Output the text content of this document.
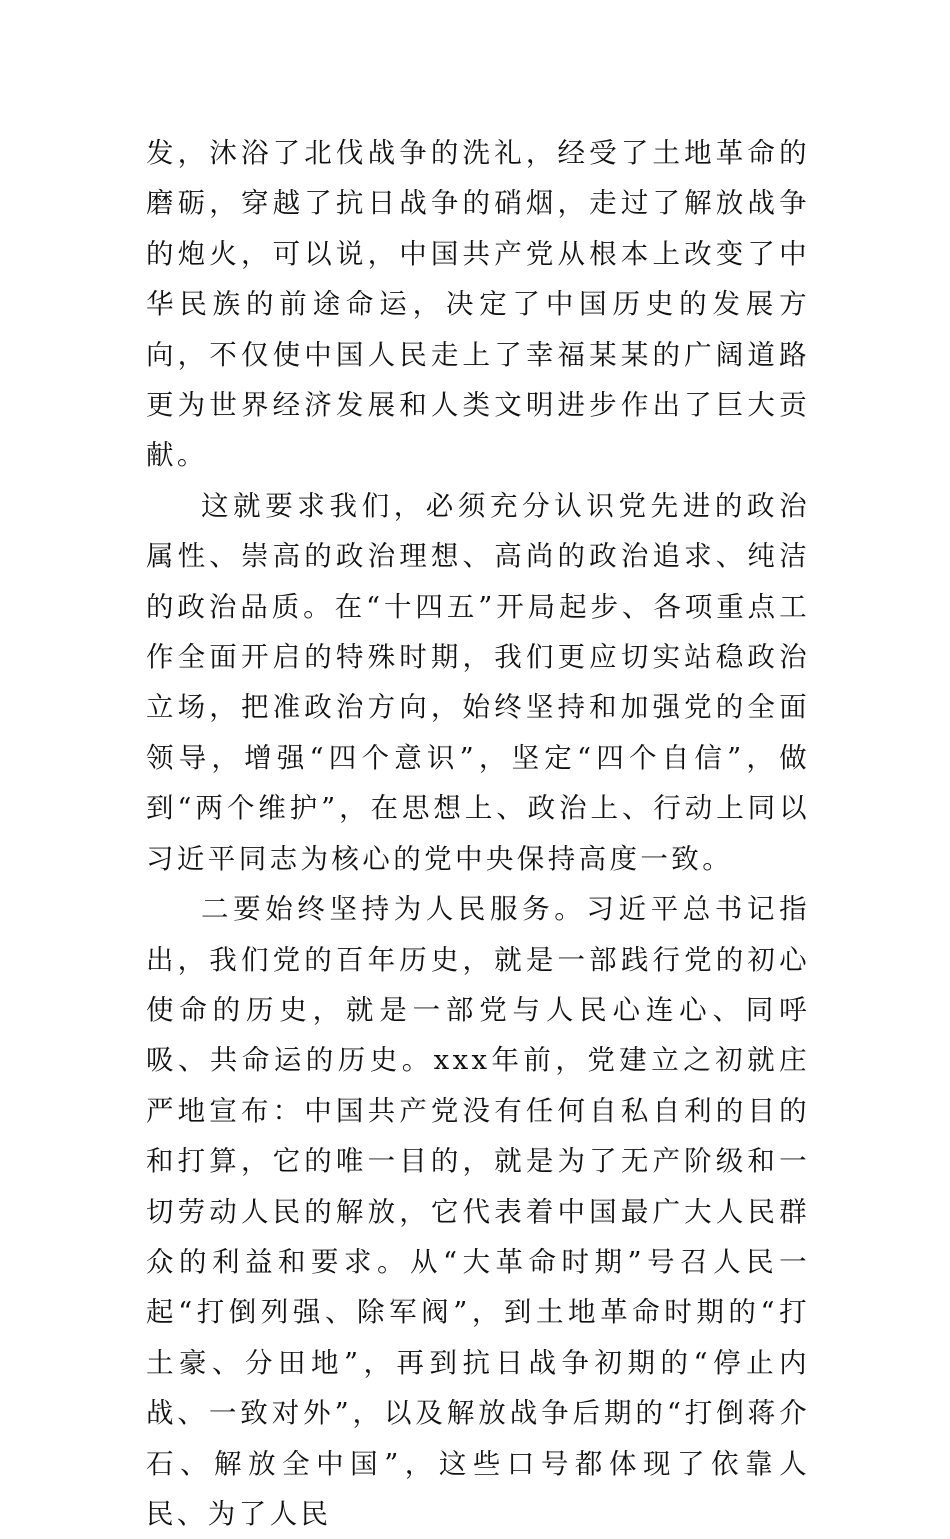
发，沐浴了北伐战争的洗礼，经受了土地革命的磨砺，穿越了抗日战争的硝烟，走过了解放战争的炮火，可以说，中国共产党从根本上改变了中华民族的前途命运，决定了中国历史的发展方向，不仅使中国人民走上了幸福某某的广阔道路更为世界经济发展和人类文明进步作出了巨大贡献。

这就要求我们，必须充分认识党先进的政治属性、崇高的政治理想、高尚的政治追求、纯洁的政治品质。在“十四五”开局起步、各项重点工作全面开启的特殊时期，我们更应切实站稳政治立场，把准政治方向，始终坚持和加强党的全面领导，增强“四个意识”，坚定“四个自信”，做到“两个维护”，在思想上、政治上、行动上同以习近平同志为核心的党中央保持高度一致。

二要始终坚持为人民服务。习近平总书记指出，我们党的百年历史，就是一部践行党的初心使命的历史，就是一部党与人民心连心、同呼吸、共命运的历史。xxx年前，党建立之初就庄严地宣布：中国共产党没有任何自私自利的目的和打算，它的唯一目的，就是为了无产阶级和一切劳动人民的解放，它代表着中国最广大人民群众的利益和要求。从“大革命时期”号召人民一起“打倒列强、除军阀”，到土地革命时期的“打土豪、分田地”，再到抗日战争初期的“停止内战、一致对外”，以及解放战争后期的“打倒蒋介石、解放全中国”，这些口号都体现了依靠人民、为了人民
